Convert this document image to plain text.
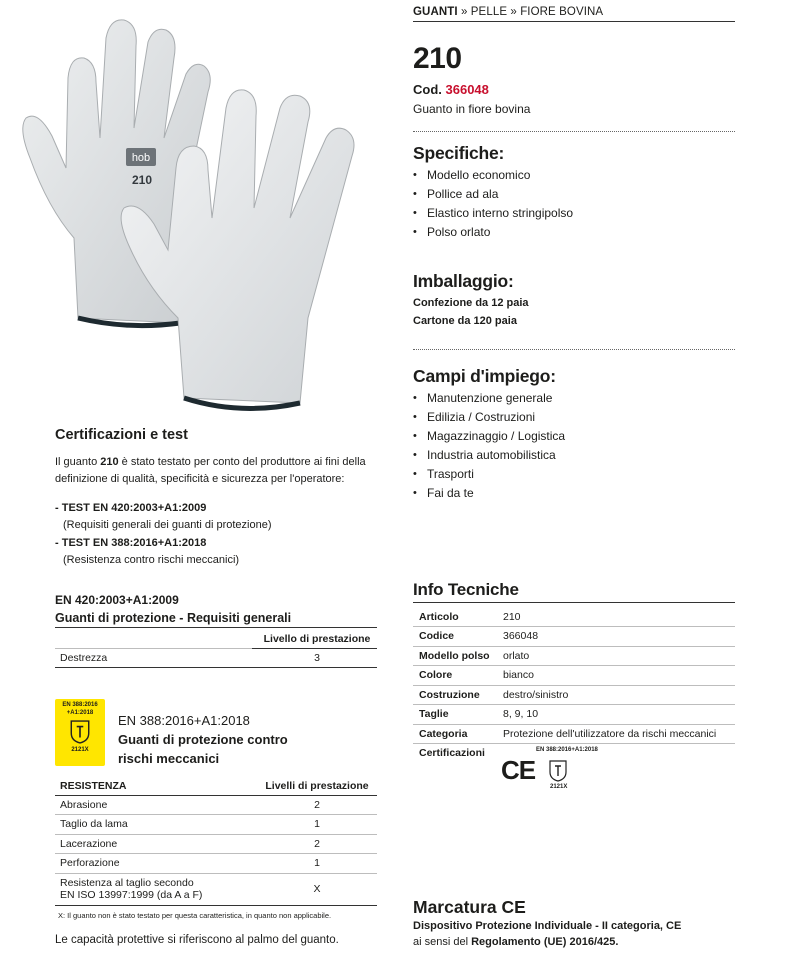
hob
210
GUANTI » PELLE » FIORE BOVINA
210
Cod. 366048
Guanto in fiore bovina
Specifiche:
• Modello economico
• Pollice ad ala
• Elastico interno stringipolso
• Polso orlato
Imballaggio:
Confezione da 12 paia
Cartone da 120 paia
Campi d'impiego:
• Manutenzione generale
• Edilizia / Costruzioni
• Magazzinaggio / Logistica
• Industria automobilistica
• Trasporti
• Fai da te
Info Tecniche
Articolo	210
Codice	366048
Modello polso	orlato
Colore	bianco
Costruzione	destro/sinistro
Taglie	8, 9, 10
Categoria	Protezione dell'utilizzatore da rischi meccanici
Certificazioni	
CE
EN 388:2016+A1:2018
2121X
Certificazioni e test
Il guanto 210 è stato testato per conto del produttore ai fini della definizione di qualità, specificità e sicurezza per l'operatore:
- TEST EN 420:2003+A1:2009
(Requisiti generali dei guanti di protezione)
- TEST EN 388:2016+A1:2018
(Resistenza contro rischi meccanici)
EN 420:2003+A1:2009
Guanti di protezione - Requisiti generali
	Livello di prestazione
Destrezza	3
EN 388:2016
+A1:2018
2121X
EN 388:2016+A1:2018
Guanti di protezione contro
rischi meccanici
RESISTENZA	Livelli di prestazione
Abrasione	2
Taglio da lama	1
Lacerazione	2
Perforazione	1

Resistenza al taglio secondo
EN ISO 13997:1999 (da A a F)	X
X: Il guanto non è stato testato per questa caratteristica, in quanto non applicabile.
Le capacità protettive si riferiscono al palmo del guanto.
Marcatura CE
Dispositivo Protezione Individuale - II categoria, CE
ai sensi del Regolamento (UE) 2016/425.
